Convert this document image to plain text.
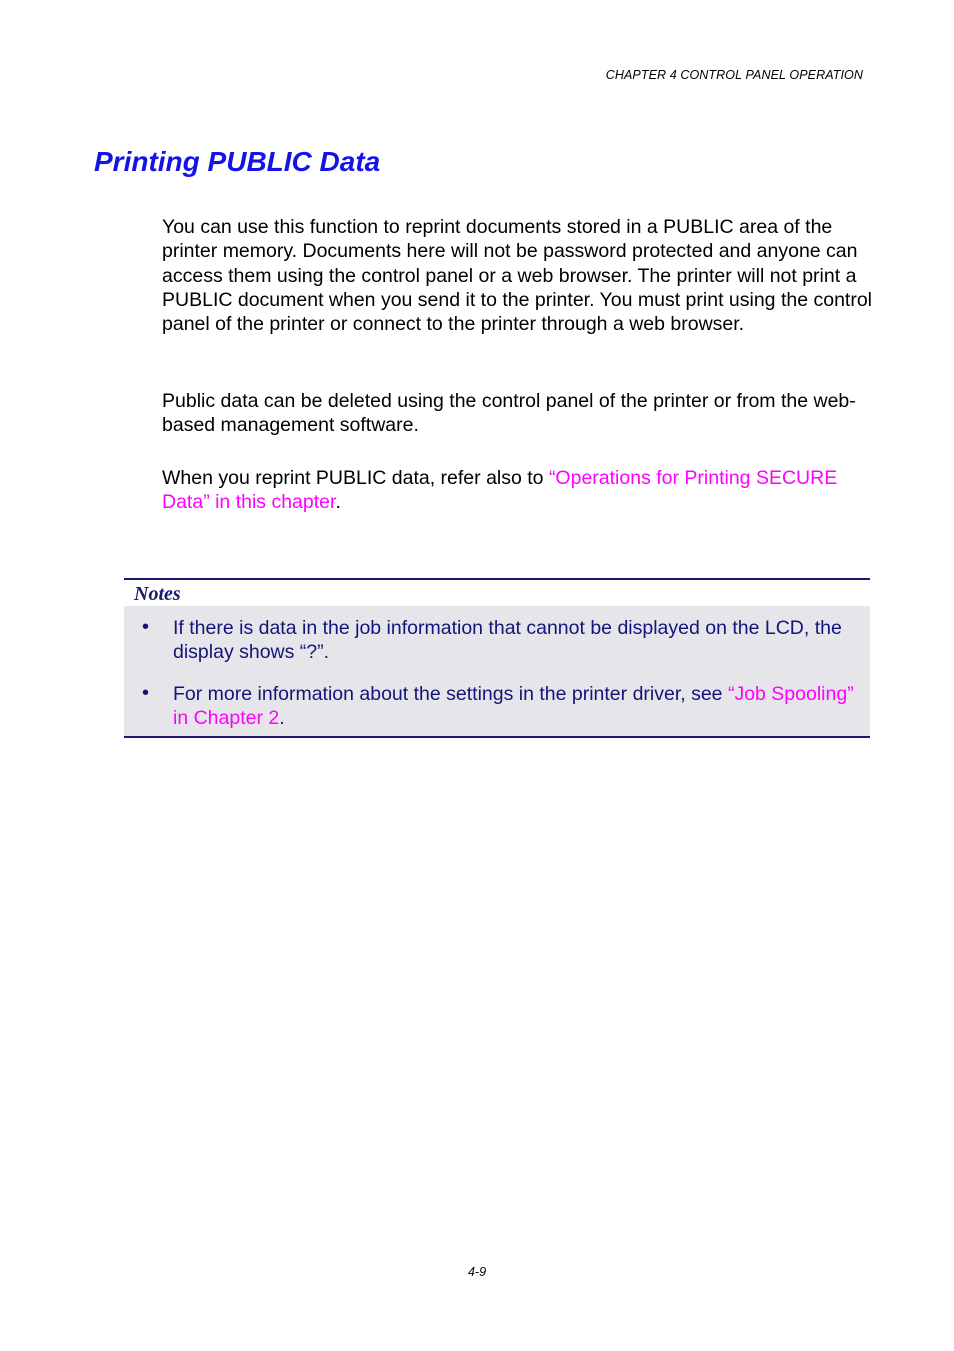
CHAPTER 4 CONTROL PANEL OPERATION
Printing PUBLIC Data

You can use this function to reprint documents stored in a PUBLIC area of the printer memory. Documents here will not be password protected and anyone can access them using the control panel or a web browser. The printer will not print a PUBLIC document when you send it to the printer. You must print using the control panel of the printer or connect to the printer through a web browser.

Public data can be deleted using the control panel of the printer or from the web-based management software.

When you reprint PUBLIC data, refer also to “Operations for Printing SECURE Data” in this chapter.

Notes
• If there is data in the job information that cannot be displayed on the LCD, the display shows “?”.
• For more information about the settings in the printer driver, see “Job Spooling” in Chapter 2.
4-9
